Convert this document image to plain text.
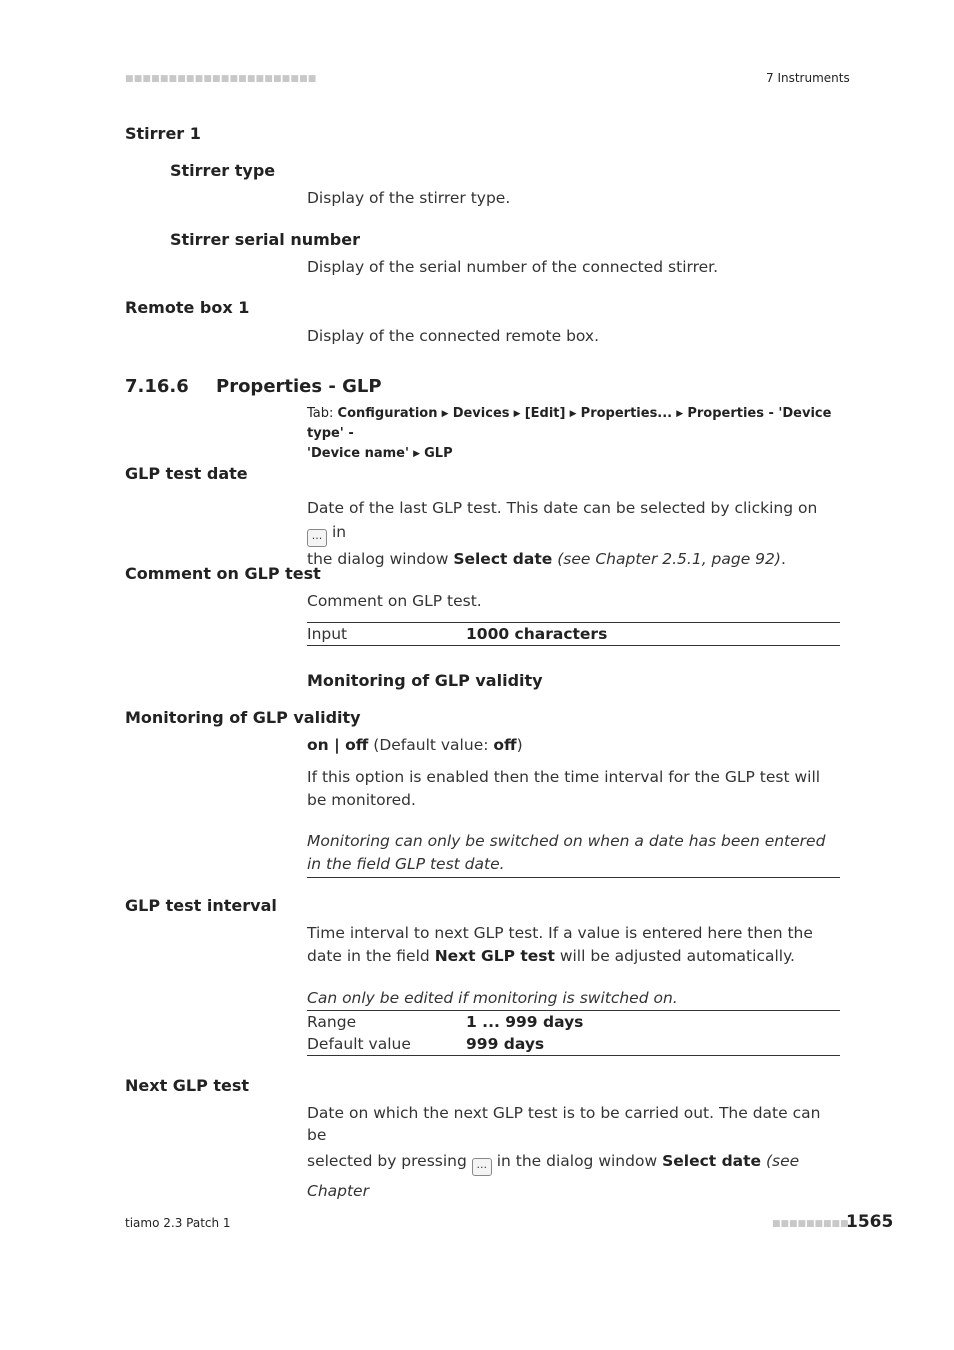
■■■■■■■■■■■■■■■■■■■■■■	7 Instruments
Stirrer 1
Stirrer type
Display of the stirrer type.
Stirrer serial number
Display of the serial number of the connected stirrer.
Remote box 1
Display of the connected remote box.
7.16.6 Properties - GLP
Tab: Configuration ▶ Devices ▶ [Edit] ▶ Properties... ▶ Properties - 'Device type' -
'Device name' ▶ GLP
GLP test date
Date of the last GLP test. This date can be selected by clicking on ... in
the dialog window Select date (see Chapter 2.5.1, page 92).
Comment on GLP test
Comment on GLP test.
Input	1000 characters
Monitoring of GLP validity
Monitoring of GLP validity
on | off (Default value: off)
If this option is enabled then the time interval for the GLP test will be monitored.
Monitoring can only be switched on when a date has been entered in the field GLP test date.
GLP test interval
Time interval to next GLP test. If a value is entered here then the date in the field Next GLP test will be adjusted automatically.
Can only be edited if monitoring is switched on.
Range	1 ... 999 days
Default value	999 days
Next GLP test
Date on which the next GLP test is to be carried out. The date can be
selected by pressing ... in the dialog window Select date (see Chapter
tiamo 2.3 Patch 1	■■■■■■■■■
1565
